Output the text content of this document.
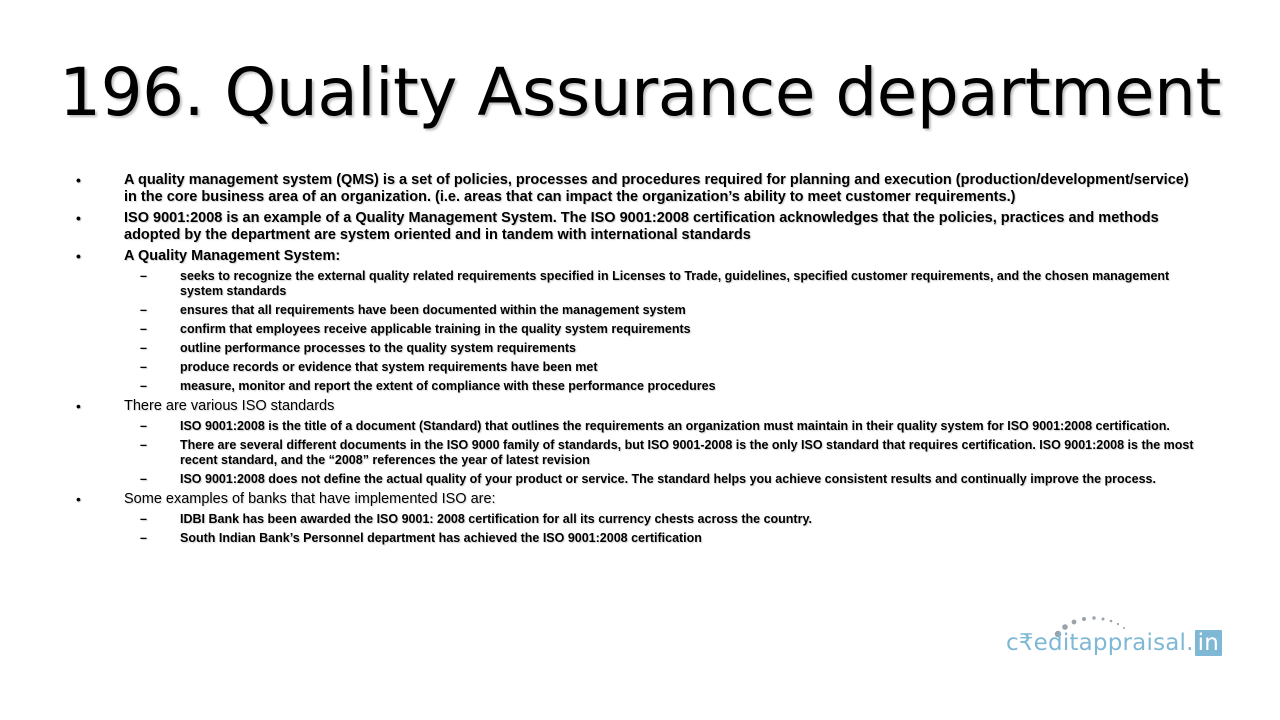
196. Quality Assurance department
•	A quality management system (QMS) is a set of policies, processes and procedures required for planning and execution (production/development/service) in the core business area of an organization. (i.e. areas that can impact the organization’s ability to meet customer requirements.)
•	ISO 9001:2008 is an example of a Quality Management System. The ISO 9001:2008 certification acknowledges that the policies, practices and methods adopted by the department are system oriented and in tandem with international standards
•	A Quality Management System:
–	seeks to recognize the external quality related requirements specified in Licenses to Trade, guidelines, specified customer requirements, and the chosen management system standards
–	ensures that all requirements have been documented within the management system
–	confirm that employees receive applicable training in the quality system requirements
–	outline performance processes to the quality system requirements
–	produce records or evidence that system requirements have been met
–	measure, monitor and report the extent of compliance with these performance procedures
•	There are various ISO standards
–	ISO 9001:2008 is the title of a document (Standard) that outlines the requirements an organization must maintain in their quality system for ISO 9001:2008 certification.
–	There are several different documents in the ISO 9000 family of standards, but ISO 9001-2008 is the only ISO standard that requires certification. ISO 9001:2008 is the most recent standard, and the “2008” references the year of latest revision
–	ISO 9001:2008 does not define the actual quality of your product or service. The standard helps you achieve consistent results and continually improve the process.
•	Some examples of banks that have implemented ISO are:
–	IDBI Bank has been awarded the ISO 9001: 2008 certification for all its currency chests across the country.
–	South Indian Bank’s Personnel department has achieved the ISO 9001:2008 certification
c₹editappraisal. in
